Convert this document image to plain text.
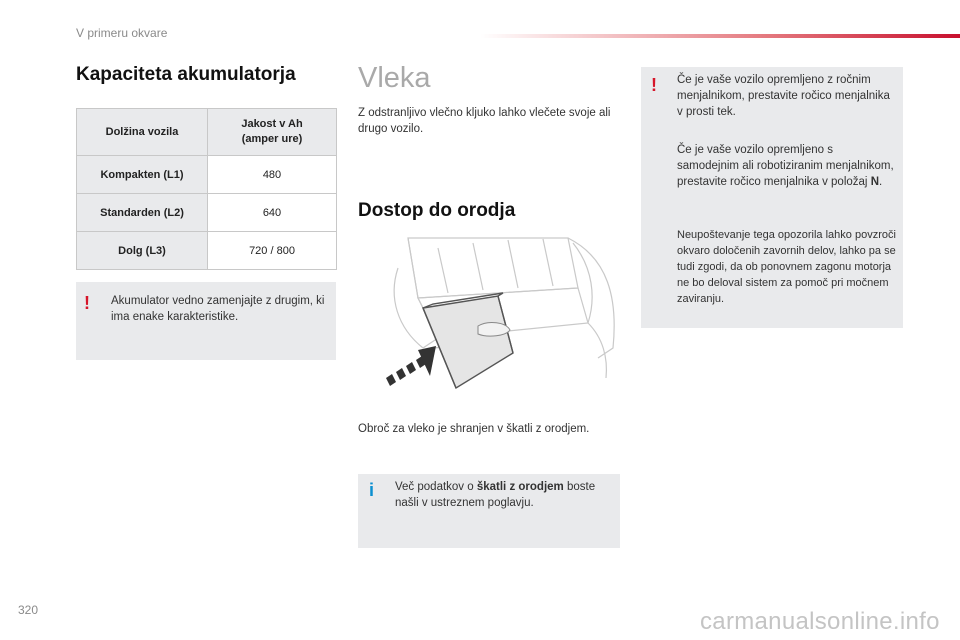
V primeru okvare
Kapaciteta akumulatorja
Dolžina vozila	Jakost v Ah (amper ure)
Kompakten (L1)	480
Standarden (L2)	640
Dolg (L3)	720 / 800
! Akumulator vedno zamenjajte z drugim, ki ima enake karakteristike.
Vleka
Z odstranljivo vlečno kljuko lahko vlečete svoje ali drugo vozilo.
Dostop do orodja
Obroč za vleko je shranjen v škatli z orodjem.
i Več podatkov o škatli z orodjem boste našli v ustreznem poglavju.
! Če je vaše vozilo opremljeno z ročnim menjalnikom, prestavite ročico menjalnika v prosti tek.
Če je vaše vozilo opremljeno s samodejnim ali robotiziranim menjalnikom, prestavite ročico menjalnika v položaj N.
Neupoštevanje tega opozorila lahko povzroči okvaro določenih zavornih delov, lahko pa se tudi zgodi, da ob ponovnem zagonu motorja ne bo deloval sistem za pomoč pri močnem zaviranju.
320	carmanualsonline.info
